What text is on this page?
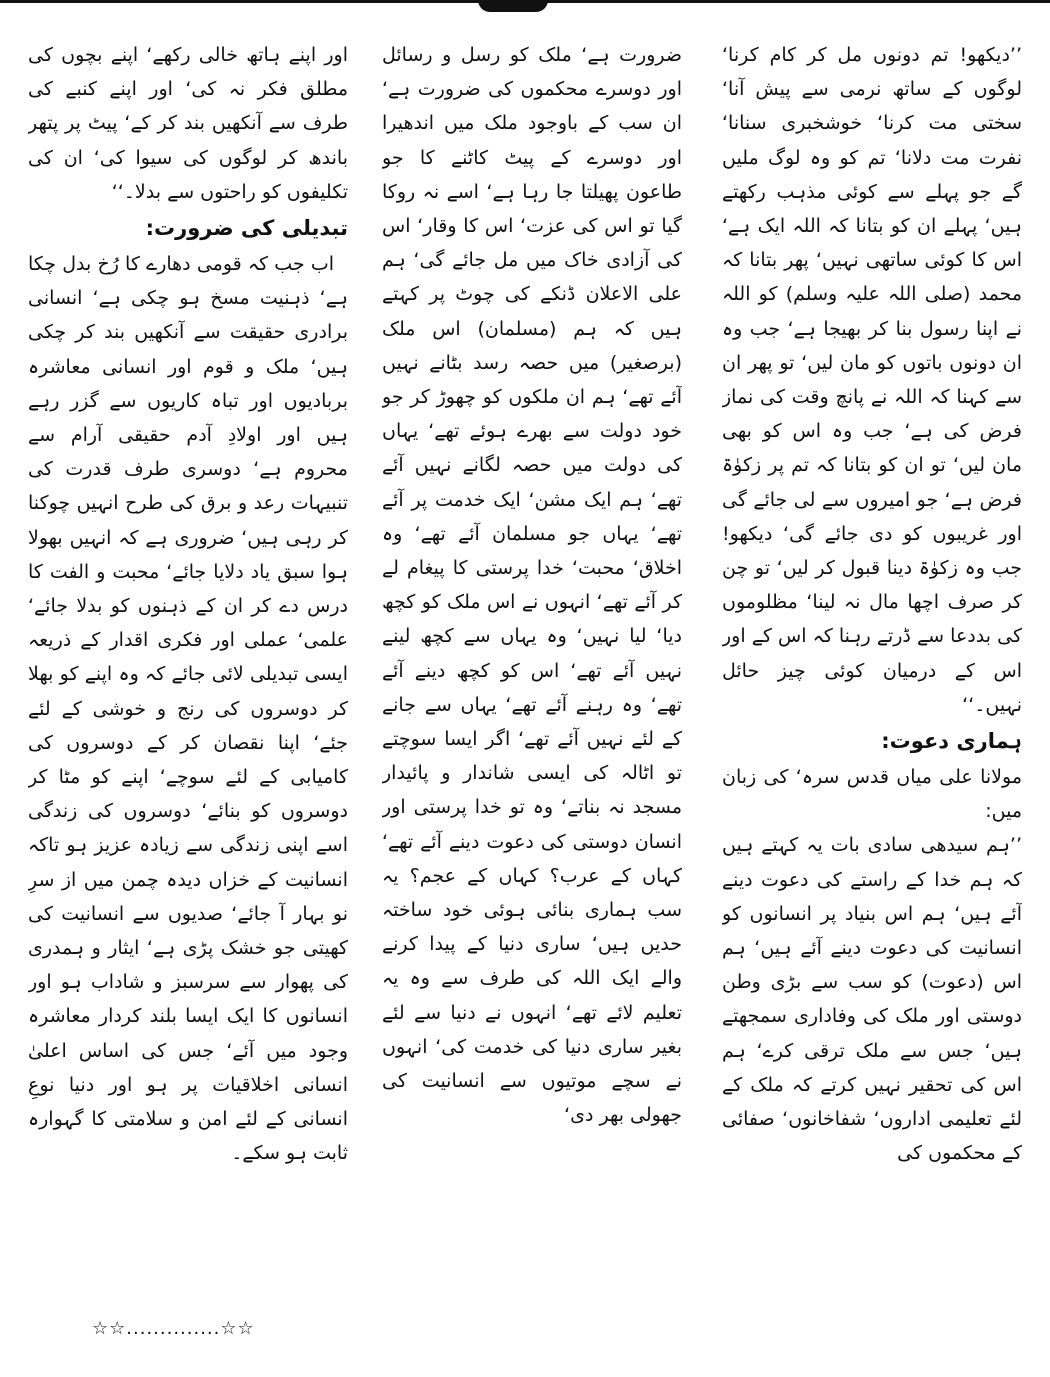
’’دیکھو! تم دونوں مل کر کام کرنا‘ لوگوں کے ساتھ نرمی سے پیش آنا‘ سختی مت کرنا‘ خوشخبری سنانا‘ نفرت مت دلانا‘ تم کو وہ لوگ ملیں گے جو پہلے سے کوئی مذہب رکھتے ہیں‘ پہلے ان کو بتانا کہ اللہ ایک ہے‘ اس کا کوئی ساتھی نہیں‘ پھر بتانا کہ محمد (صلی اللہ علیہ وسلم) کو اللہ نے اپنا رسول بنا کر بھیجا ہے‘ جب وہ ان دونوں باتوں کو مان لیں‘ تو پھر ان سے کہنا کہ اللہ نے پانچ وقت کی نماز فرض کی ہے‘ جب وہ اس کو بھی مان لیں‘ تو ان کو بتانا کہ تم پر زکوٰۃ فرض ہے‘ جو امیروں سے لی جائے گی اور غریبوں کو دی جائے گی‘ دیکھو! جب وہ زکوٰۃ دینا قبول کر لیں‘ تو چن کر صرف اچھا مال نہ لینا‘ مظلوموں کی بددعا سے ڈرتے رہنا کہ اس کے اور اس کے درمیان کوئی چیز حائل نہیں۔‘‘

ہماری دعوت:

مولانا علی میاں قدس سرہ‘ کی زبان میں:

’’ہم سیدھی سادی بات یہ کہتے ہیں کہ ہم خدا کے راستے کی دعوت دینے آئے ہیں‘ ہم اس بنیاد پر انسانوں کو انسانیت کی دعوت دینے آئے ہیں‘ ہم اس (دعوت) کو سب سے بڑی وطن دوستی اور ملک کی وفاداری سمجھتے ہیں‘ جس سے ملک ترقی کرے‘ ہم اس کی تحقیر نہیں کرتے کہ ملک کے لئے تعلیمی اداروں‘ شفاخانوں‘ صفائی کے محکموں کی

ضرورت ہے‘ ملک کو رسل و رسائل اور دوسرے محکموں کی ضرورت ہے‘ ان سب کے باوجود ملک میں اندھیرا اور دوسرے کے پیٹ کاٹنے کا جو طاعون پھیلتا جا رہا ہے‘ اسے نہ روکا گیا تو اس کی عزت‘ اس کا وقار‘ اس کی آزادی خاک میں مل جائے گی‘ ہم علی الاعلان ڈنکے کی چوٹ پر کہتے ہیں کہ ہم (مسلمان) اس ملک (برصغیر) میں حصہ رسد بٹانے نہیں آئے تھے‘ ہم ان ملکوں کو چھوڑ کر جو خود دولت سے بھرے ہوئے تھے‘ یہاں کی دولت میں حصہ لگانے نہیں آئے تھے‘ ہم ایک مشن‘ ایک خدمت پر آئے تھے‘ یہاں جو مسلمان آئے تھے‘ وہ اخلاق‘ محبت‘ خدا پرستی کا پیغام لے کر آئے تھے‘ انہوں نے اس ملک کو کچھ دیا‘ لیا نہیں‘ وہ یہاں سے کچھ لینے نہیں آئے تھے‘ اس کو کچھ دینے آئے تھے‘ وہ رہنے آئے تھے‘ یہاں سے جانے کے لئے نہیں آئے تھے‘ اگر ایسا سوچتے تو اٹالہ کی ایسی شاندار و پائیدار مسجد نہ بناتے‘ وہ تو خدا پرستی اور انسان دوستی کی دعوت دینے آئے تھے‘ کہاں کے عرب؟ کہاں کے عجم؟ یہ سب ہماری بنائی ہوئی خود ساختہ حدیں ہیں‘ ساری دنیا کے پیدا کرنے والے ایک اللہ کی طرف سے وہ یہ تعلیم لائے تھے‘ انہوں نے دنیا سے لئے بغیر ساری دنیا کی خدمت کی‘ انہوں نے سچے موتیوں سے انسانیت کی جھولی بھر دی‘

اور اپنے ہاتھ خالی رکھے‘ اپنے بچوں کی مطلق فکر نہ کی‘ اور اپنے کنبے کی طرف سے آنکھیں بند کر کے‘ پیٹ پر پتھر باندھ کر لوگوں کی سیوا کی‘ ان کی تکلیفوں کو راحتوں سے بدلا۔‘‘

تبدیلی کی ضرورت:

اب جب کہ قومی دھارے کا رُخ بدل چکا ہے‘ ذہنیت مسخ ہو چکی ہے‘ انسانی برادری حقیقت سے آنکھیں بند کر چکی ہیں‘ ملک و قوم اور انسانی معاشرہ بربادیوں اور تباہ کاریوں سے گزر رہے ہیں اور اولادِ آدم حقیقی آرام سے محروم ہے‘ دوسری طرف قدرت کی تنبیہات رعد و برق کی طرح انہیں چوکنا کر رہی ہیں‘ ضروری ہے کہ انہیں بھولا ہوا سبق یاد دلایا جائے‘ محبت و الفت کا درس دے کر ان کے ذہنوں کو بدلا جائے‘ علمی‘ عملی اور فکری اقدار کے ذریعہ ایسی تبدیلی لائی جائے کہ وہ اپنے کو بھلا کر دوسروں کی رنج و خوشی کے لئے جئے‘ اپنا نقصان کر کے دوسروں کی کامیابی کے لئے سوچے‘ اپنے کو مٹا کر دوسروں کو بنائے‘ دوسروں کی زندگی اسے اپنی زندگی سے زیادہ عزیز ہو تاکہ انسانیت کے خزاں دیدہ چمن میں از سرِ نو بہار آ جائے‘ صدیوں سے انسانیت کی کھیتی جو خشک پڑی ہے‘ ایثار و ہمدری کی پھوار سے سرسبز و شاداب ہو اور انسانوں کا ایک ایسا بلند کردار معاشرہ وجود میں آئے‘ جس کی اساس اعلیٰ انسانی اخلاقیات پر ہو اور دنیا نوعِ انسانی کے لئے امن و سلامتی کا گہوارہ ثابت ہو سکے۔

☆☆..............☆☆
